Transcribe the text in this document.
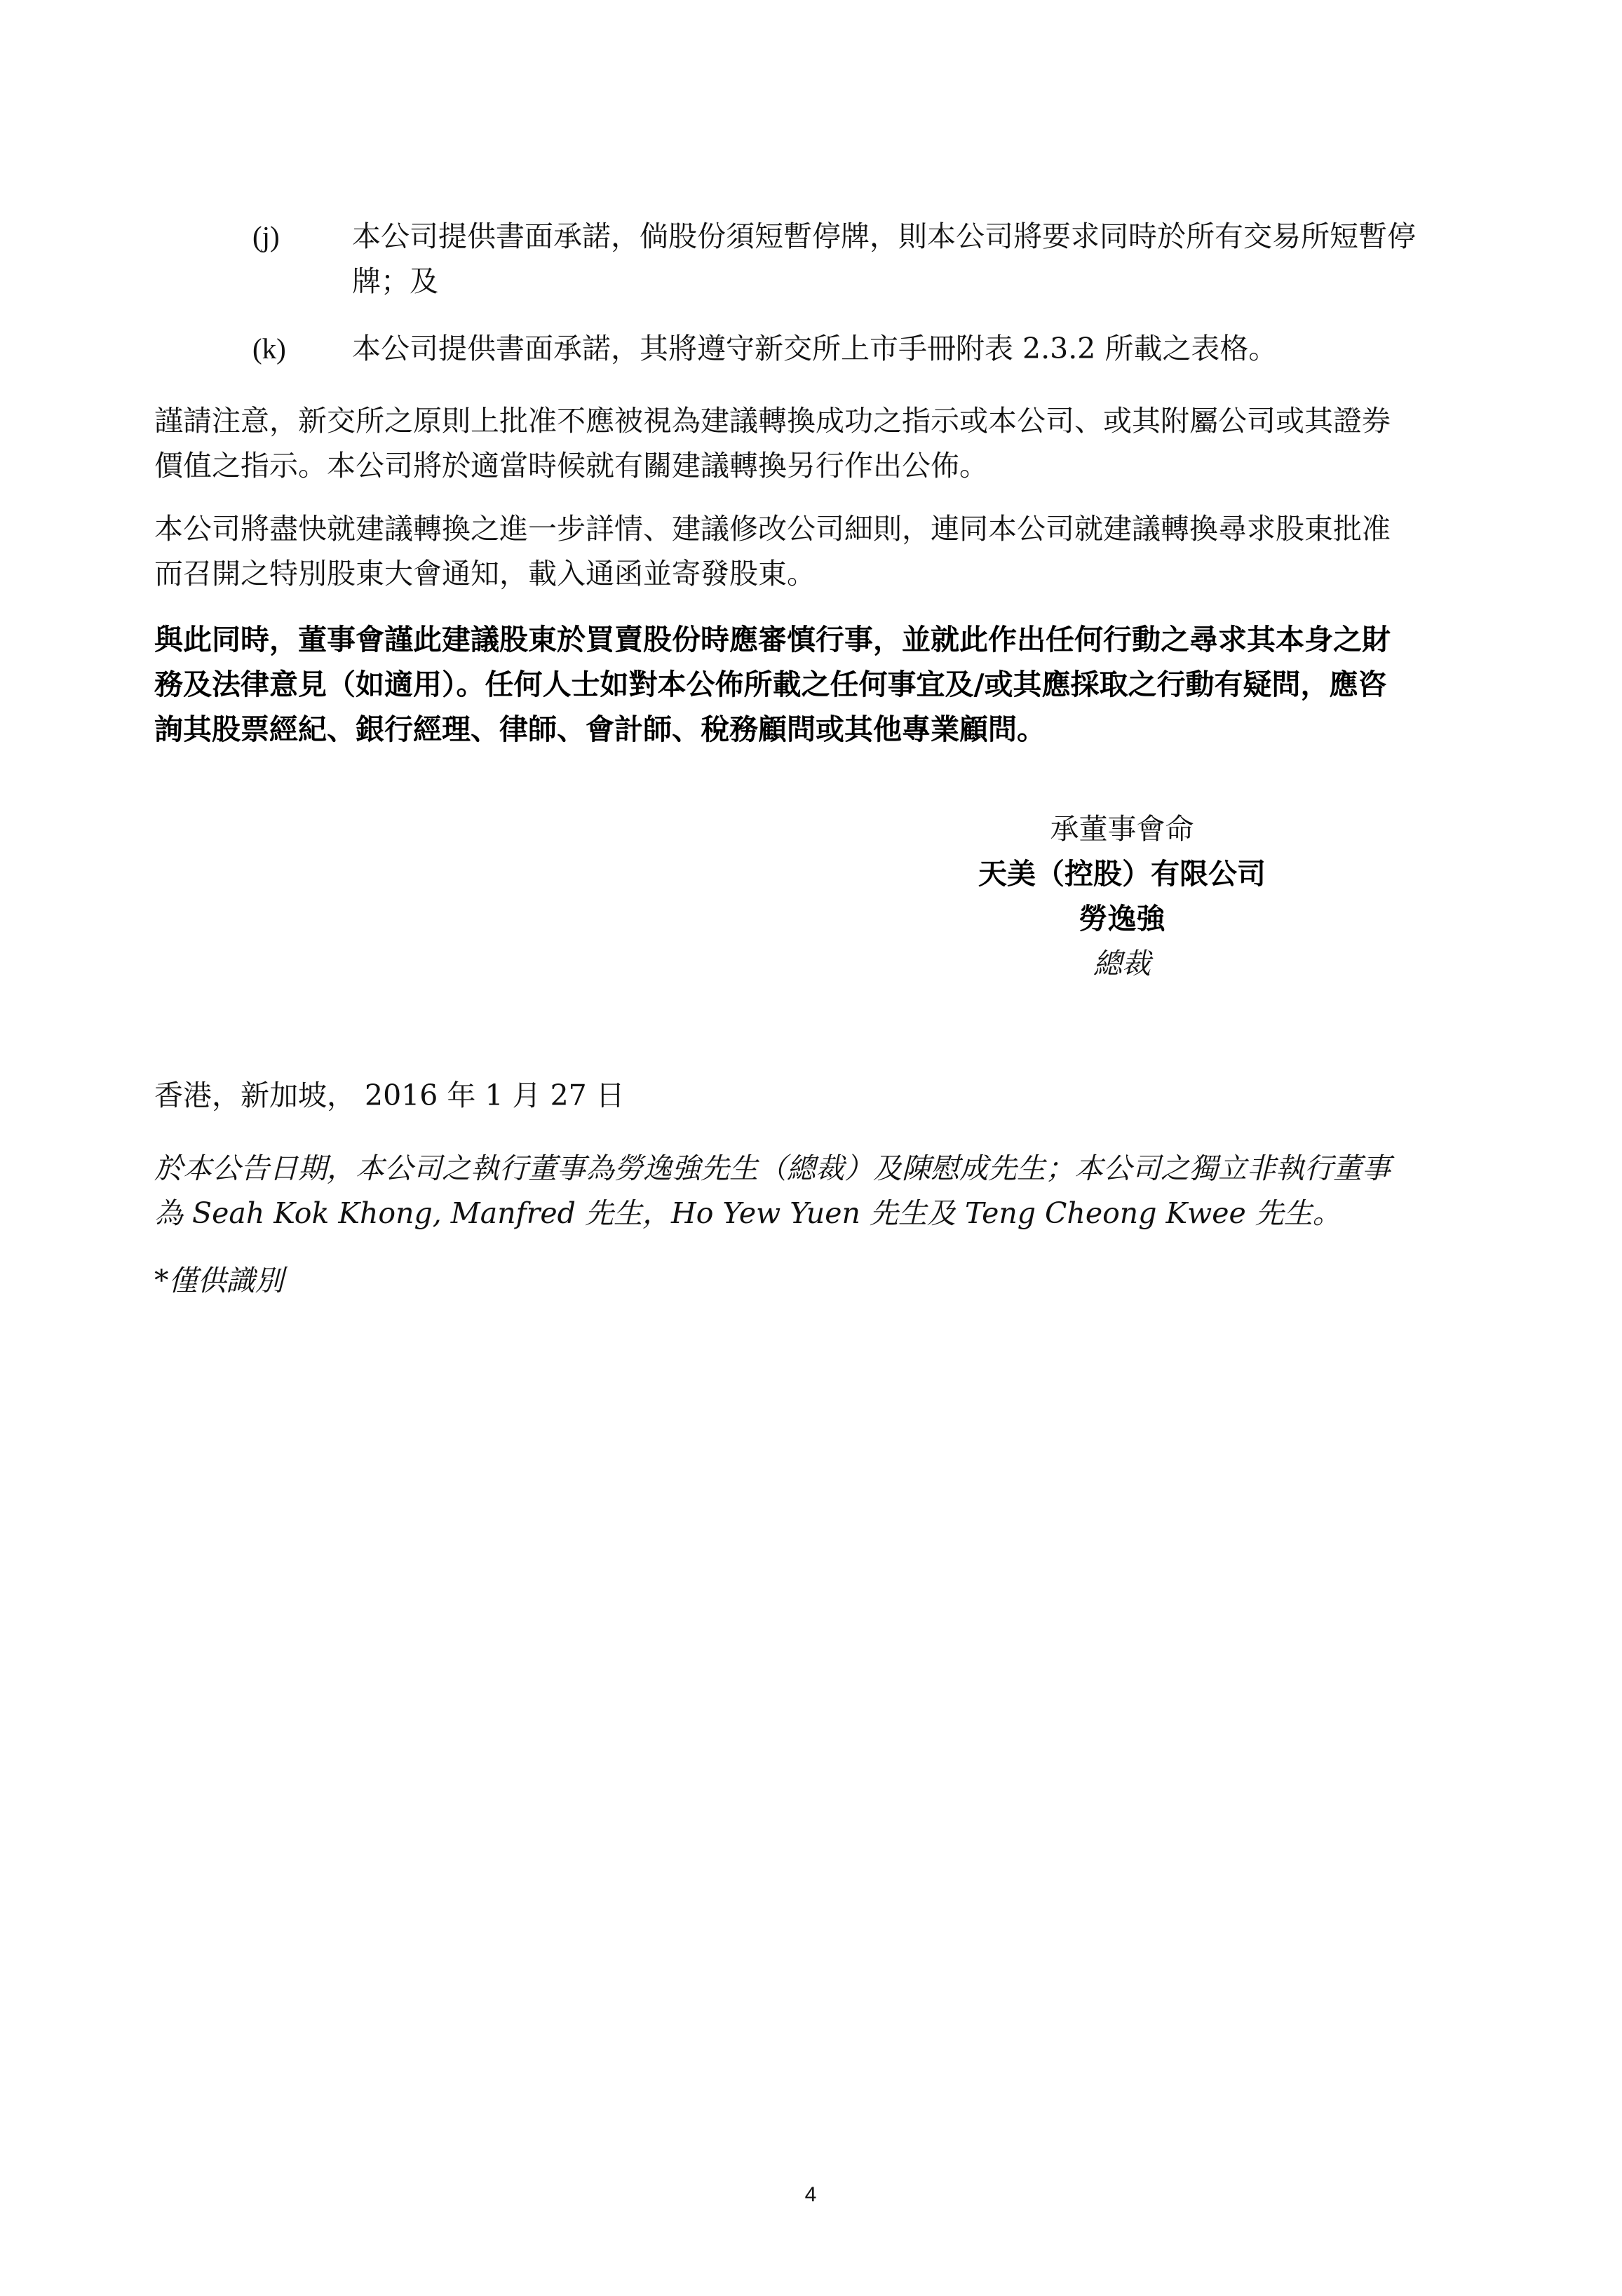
(j)	本公司提供書面承諾，倘股份須短暫停牌，則本公司將要求同時於所有交易所短暫停
牌；及
(k)	本公司提供書面承諾，其將遵守新交所上市手冊附表 2.3.2 所載之表格。
謹請注意，新交所之原則上批准不應被視為建議轉換成功之指示或本公司、或其附屬公司或其證券
價值之指示。本公司將於適當時候就有關建議轉換另行作出公佈。
本公司將盡快就建議轉換之進一步詳情、建議修改公司細則，連同本公司就建議轉換尋求股東批准
而召開之特別股東大會通知，載入通函並寄發股東。
與此同時，董事會謹此建議股東於買賣股份時應審慎行事，並就此作出任何行動之尋求其本身之財
務及法律意見（如適用）。任何人士如對本公佈所載之任何事宜及/或其應採取之行動有疑問，應咨
詢其股票經紀、銀行經理、律師、會計師、稅務顧問或其他專業顧問。
承董事會命
天美（控股）有限公司
勞逸強
總裁
香港，新加坡， 2016 年 1 月 27 日
於本公告日期，本公司之執行董事為勞逸強先生（總裁）及陳慰成先生；本公司之獨立非執行董事
為 Seah Kok Khong, Manfred 先生，Ho Yew Yuen 先生及 Teng Cheong Kwee 先生。
*僅供識別
4
